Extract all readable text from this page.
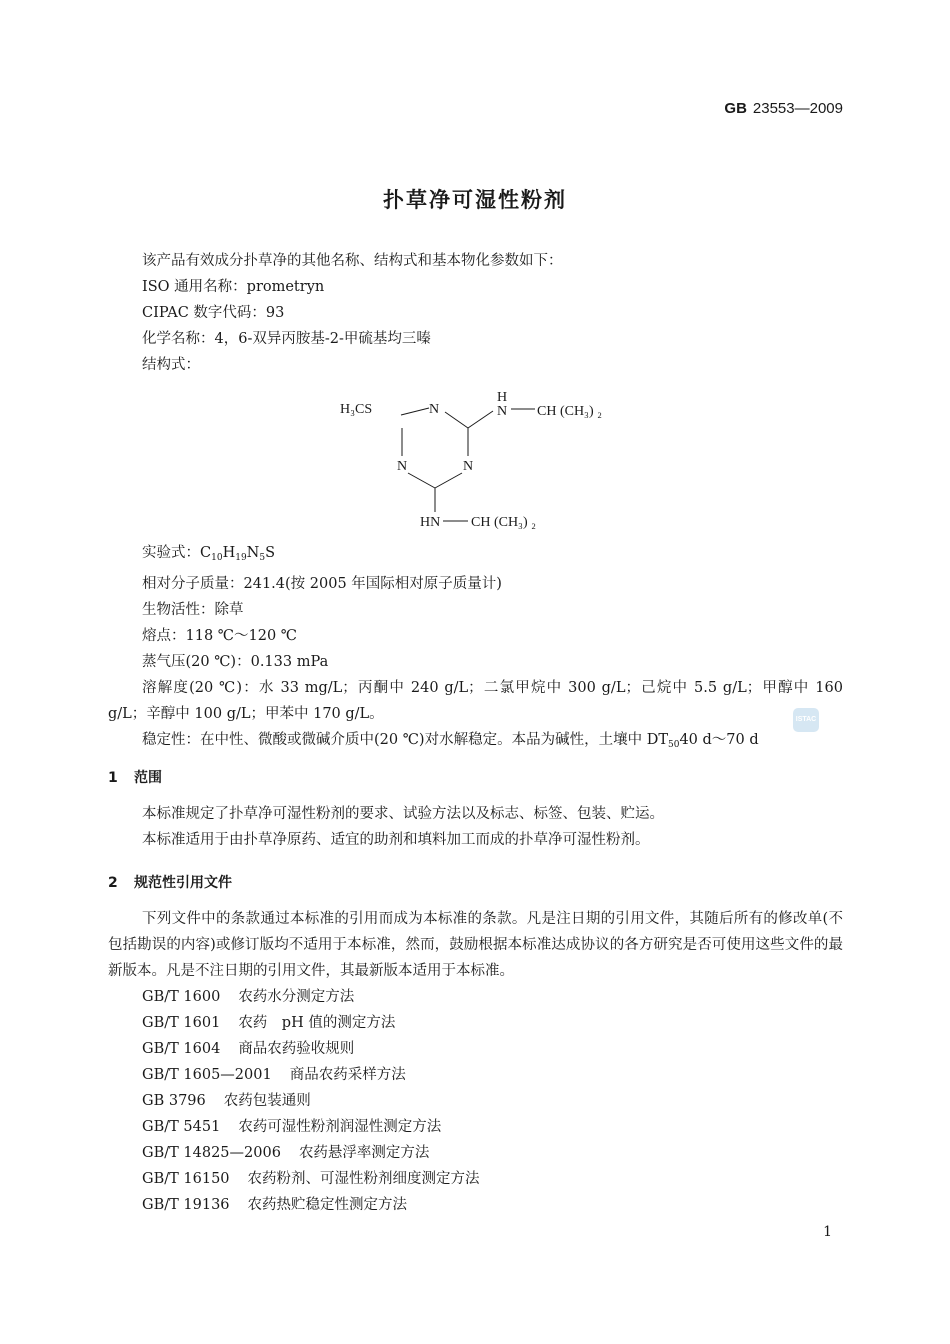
GB 23553—2009
扑草净可湿性粉剂

该产品有效成分扑草净的其他名称、结构式和基本物化参数如下：

ISO 通用名称：prometryn

CIPAC 数字代码：93

化学名称：4，6-双异丙胺基-2-甲硫基均三嗪

结构式：

H₃CS	N
H
N CH (CH₃) ₂
N	N
HN CH (CH₃) ₂

实验式：$C_{10}H_{19}N_5S$

相对分子质量：241.4(按 2005 年国际相对原子质量计)

生物活性：除草

熔点：118 ℃～120 ℃

蒸气压(20 ℃)：0.133 mPa

溶解度(20 ℃)：水 33 mg/L；丙酮中 240 g/L；二氯甲烷中 300 g/L；己烷中 5.5 g/L；甲醇中 160 g/L；辛醇中 100 g/L；甲苯中 170 g/L。

稳定性：在中性、微酸或微碱介质中(20 ℃)对水解稳定。本品为碱性，土壤中 $DT_{50}40$ d～70 d

ISTAC
1 范围

本标准规定了扑草净可湿性粉剂的要求、试验方法以及标志、标签、包装、贮运。

本标准适用于由扑草净原药、适宜的助剂和填料加工而成的扑草净可湿性粉剂。

2 规范性引用文件

下列文件中的条款通过本标准的引用而成为本标准的条款。凡是注日期的引用文件，其随后所有的修改单(不包括勘误的内容)或修订版均不适用于本标准，然而，鼓励根据本标准达成协议的各方研究是否可使用这些文件的最新版本。凡是不注日期的引用文件，其最新版本适用于本标准。

GB/T 1600 农药水分测定方法

GB/T 1601 农药　pH 值的测定方法

GB/T 1604 商品农药验收规则

GB/T 1605—2001 商品农药采样方法

GB 3796 农药包装通则

GB/T 5451 农药可湿性粉剂润湿性测定方法

GB/T 14825—2006 农药悬浮率测定方法

GB/T 16150 农药粉剂、可湿性粉剂细度测定方法

GB/T 19136 农药热贮稳定性测定方法

1
